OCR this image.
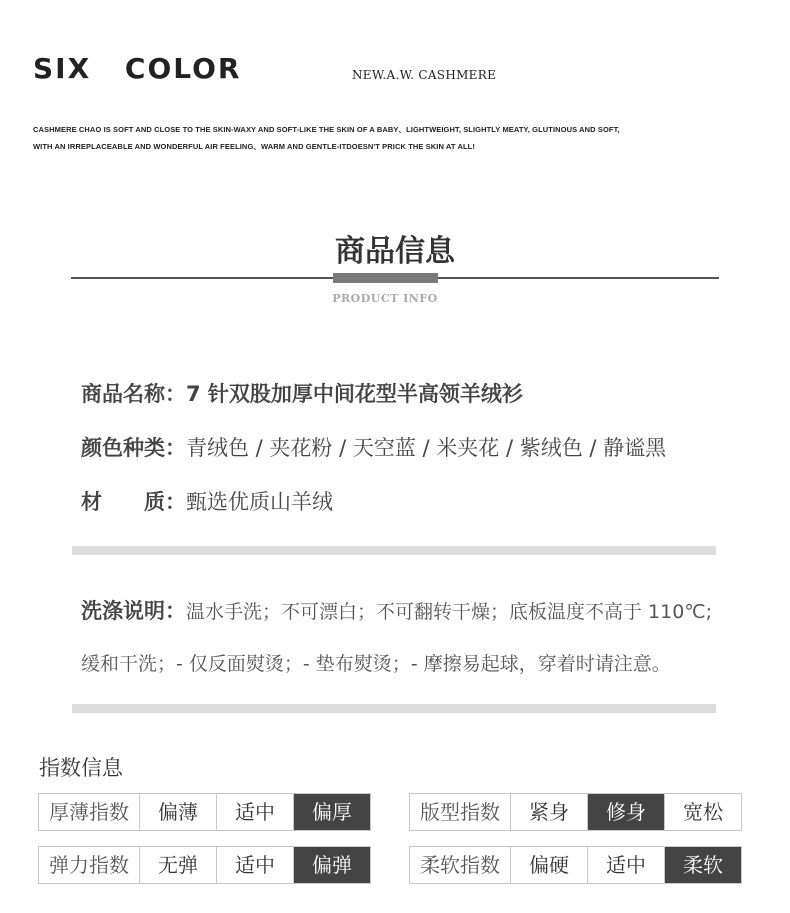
SIX COLOR	NEW.A.W. CASHMERE
CASHMERE CHAO IS SOFT AND CLOSE TO THE SKIN-WAXY AND SOFT-LIKE THE SKIN OF A BABY、LIGHTWEIGHT, SLIGHTLY MEATY, GLUTINOUS AND SOFT,
WITH AN IRREPLACEABLE AND WONDERFUL AIR FEELING、WARM AND GENTLE-ITDOESN'T PRICK THE SKIN AT ALL!
商品信息
PRODUCT INFO
商品名称：7 针双股加厚中间花型半高领羊绒衫
颜色种类：青绒色 / 夹花粉 / 天空蓝 / 米夹花 / 紫绒色 / 静谧黑
材　　质：甄选优质山羊绒
洗涤说明：温水手洗；不可漂白；不可翻转干燥；底板温度不高于 110℃;
缓和干洗；- 仅反面熨烫；- 垫布熨烫；- 摩擦易起球，穿着时请注意。
指数信息
厚薄指数	偏薄	适中	偏厚	版型指数	紧身	修身	宽松
弹力指数	无弹	适中	偏弹	柔软指数	偏硬	适中	柔软
